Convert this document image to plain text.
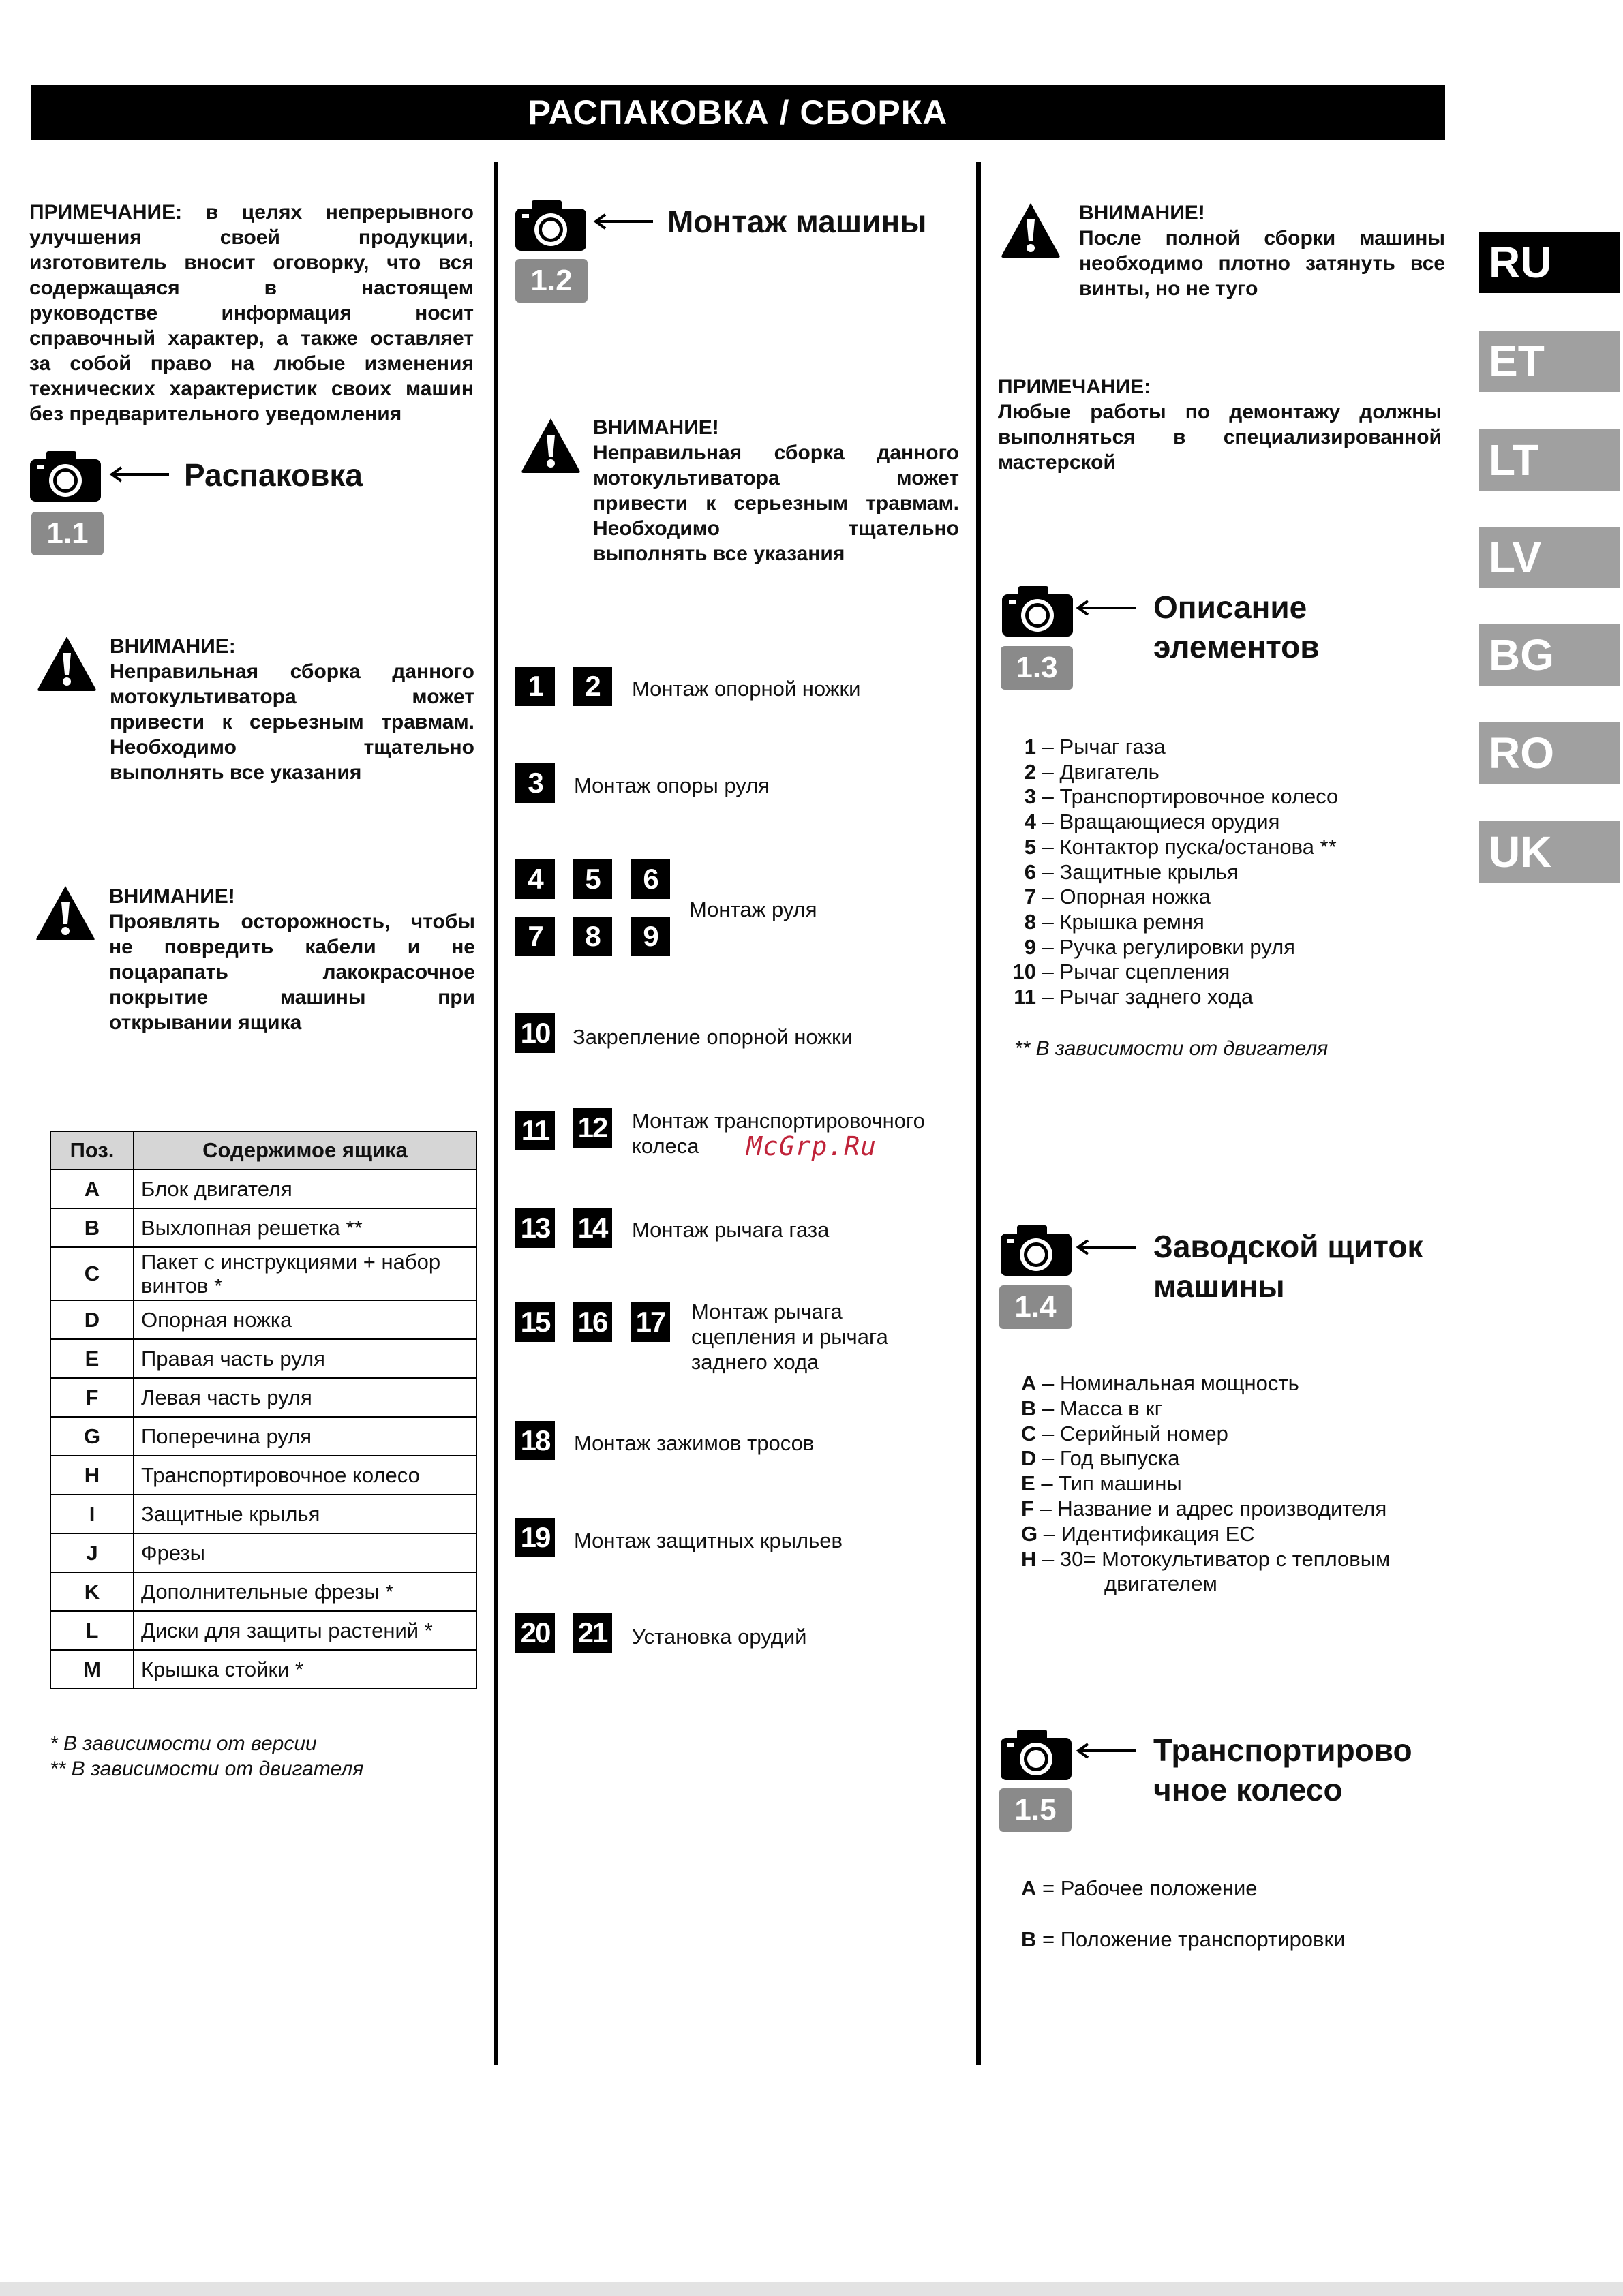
РАСПАКОВКА / СБОРКА
RU
ET
LT
LV
BG
RO
UK
ПРИМЕЧАНИЕ: в целях непрерывного
улучшения своей продукции,
изготовитель вносит оговорку, что вся
содержащаяся в настоящем
руководстве информация носит
справочный характер, а также оставляет
за собой право на любые изменения
технических характеристик своих машин
без предварительного уведомления
Распаковка
1.1
ВНИМАНИЕ:
Неправильная сборка данного
мотокультиватора может
привести к серьезным травмам.
Необходимо тщательно
выполнять все указания
ВНИМАНИЕ!
Проявлять осторожность, чтобы
не повредить кабели и не
поцарапать лакокрасочное
покрытие машины при
открывании ящика
Поз.	Содержимое ящика
A	Блок двигателя
B	Выхлопная решетка **
C	Пакет с инструкциями + набор винтов *
D	Опорная ножка
E	Правая часть руля
F	Левая часть руля
G	Поперечина руля
H	Транспортировочное колесо
I	Защитные крылья
J	Фрезы
K	Дополнительные фрезы *
L	Диски для защиты растений *
M	Крышка стойки *
* В зависимости от версии
** В зависимости от двигателя
Монтаж машины
1.2
ВНИМАНИЕ!
Неправильная сборка данного
мотокультиватора может
привести к серьезным травмам.
Необходимо тщательно
выполнять все указания
1	2	Монтаж опорной ножки
3	Монтаж опоры руля
4	5	6
7	8	9
Монтаж руля
10 Закрепление опорной ножки
11 12 Монтаж транспортировочного
колеса
13 14 Монтаж рычага газа
15 16 17 Монтаж рычага
сцепления и рычага
заднего хода
18 Монтаж зажимов тросов
19 Монтаж защитных крыльев
20 21 Установка орудий
McGrp.Ru
ВНИМАНИЕ!
После полной сборки машины
необходимо плотно затянуть все
винты, но не туго
ПРИМЕЧАНИЕ:
Любые работы по демонтажу должны
выполняться в специализированной
мастерской
Описание
элементов
1.3
1 – Рычаг газа
2 – Двигатель
3 – Транспортировочное колесо
4 – Вращающиеся орудия
5 – Контактор пуска/останова **
6 – Защитные крылья
7 – Опорная ножка
8 – Крышка ремня
9 – Ручка регулировки руля
10 – Рычаг сцепления
11 – Рычаг заднего хода
** В зависимости от двигателя
Заводской щиток
машины
1.4
A – Номинальная мощность
B – Масса в кг
C – Серийный номер
D – Год выпуска
E – Тип машины
F – Название и адрес производителя
G – Идентификация ЕС
H – 30= Мотокультиватор с тепловым
двигателем
Транспортирово
чное колесо
1.5
A = Рабочее положение
B = Положение транспортировки
